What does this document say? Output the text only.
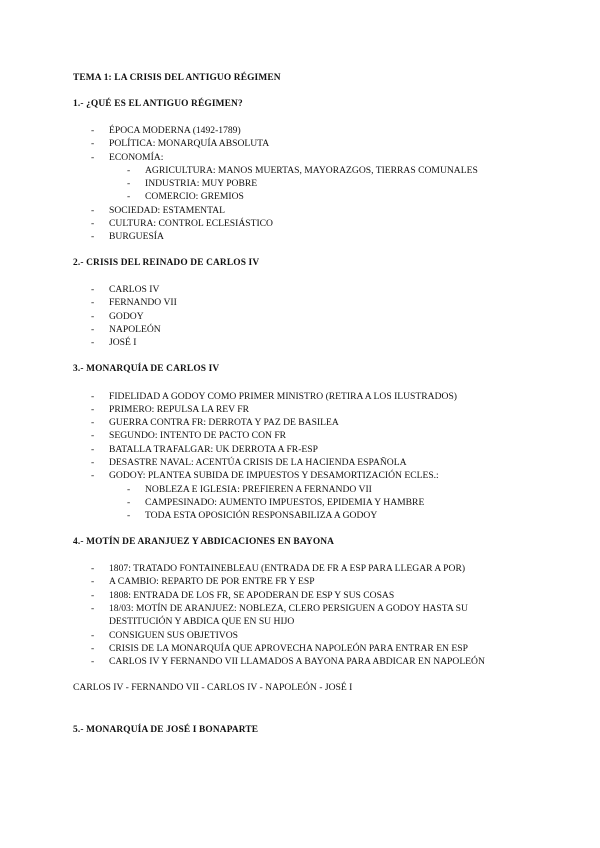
TEMA 1: LA CRISIS DEL ANTIGUO RÉGIMEN
1.- ¿QUÉ ES EL ANTIGUO RÉGIMEN?
- ÉPOCA MODERNA (1492-1789)
- POLÍTICA: MONARQUÍA ABSOLUTA
- ECONOMÍA:
- AGRICULTURA: MANOS MUERTAS, MAYORAZGOS, TIERRAS COMUNALES
- INDUSTRIA: MUY POBRE
- COMERCIO: GREMIOS
- SOCIEDAD: ESTAMENTAL
- CULTURA: CONTROL ECLESIÁSTICO
- BURGUESÍA
2.- CRISIS DEL REINADO DE CARLOS IV
- CARLOS IV
- FERNANDO VII
- GODOY
- NAPOLEÓN
- JOSÉ I
3.- MONARQUÍA DE CARLOS IV
- FIDELIDAD A GODOY COMO PRIMER MINISTRO (RETIRA A LOS ILUSTRADOS)
- PRIMERO: REPULSA LA REV FR
- GUERRA CONTRA FR: DERROTA Y PAZ DE BASILEA
- SEGUNDO: INTENTO DE PACTO CON FR
- BATALLA TRAFALGAR: UK DERROTA A FR-ESP
- DESASTRE NAVAL: ACENTÚA CRISIS DE LA HACIENDA ESPAÑOLA
- GODOY: PLANTEA SUBIDA DE IMPUESTOS Y DESAMORTIZACIÓN ECLES.:
- NOBLEZA E IGLESIA: PREFIEREN A FERNANDO VII
- CAMPESINADO: AUMENTO IMPUESTOS, EPIDEMIA Y HAMBRE
- TODA ESTA OPOSICIÓN RESPONSABILIZA A GODOY
4.- MOTÍN DE ARANJUEZ Y ABDICACIONES EN BAYONA
- 1807: TRATADO FONTAINEBLEAU (ENTRADA DE FR A ESP PARA LLEGAR A POR)
- A CAMBIO: REPARTO DE POR ENTRE FR Y ESP
- 1808: ENTRADA DE LOS FR, SE APODERAN DE ESP Y SUS COSAS
- 18/03: MOTÍN DE ARANJUEZ: NOBLEZA, CLERO PERSIGUEN A GODOY HASTA SU
DESTITUCIÓN Y ABDICA QUE EN SU HIJO
- CONSIGUEN SUS OBJETIVOS
- CRISIS DE LA MONARQUÍA QUE APROVECHA NAPOLEÓN PARA ENTRAR EN ESP
- CARLOS IV Y FERNANDO VII LLAMADOS A BAYONA PARA ABDICAR EN NAPOLEÓN
CARLOS IV - FERNANDO VII - CARLOS IV - NAPOLEÓN - JOSÉ I
5.- MONARQUÍA DE JOSÉ I BONAPARTE
